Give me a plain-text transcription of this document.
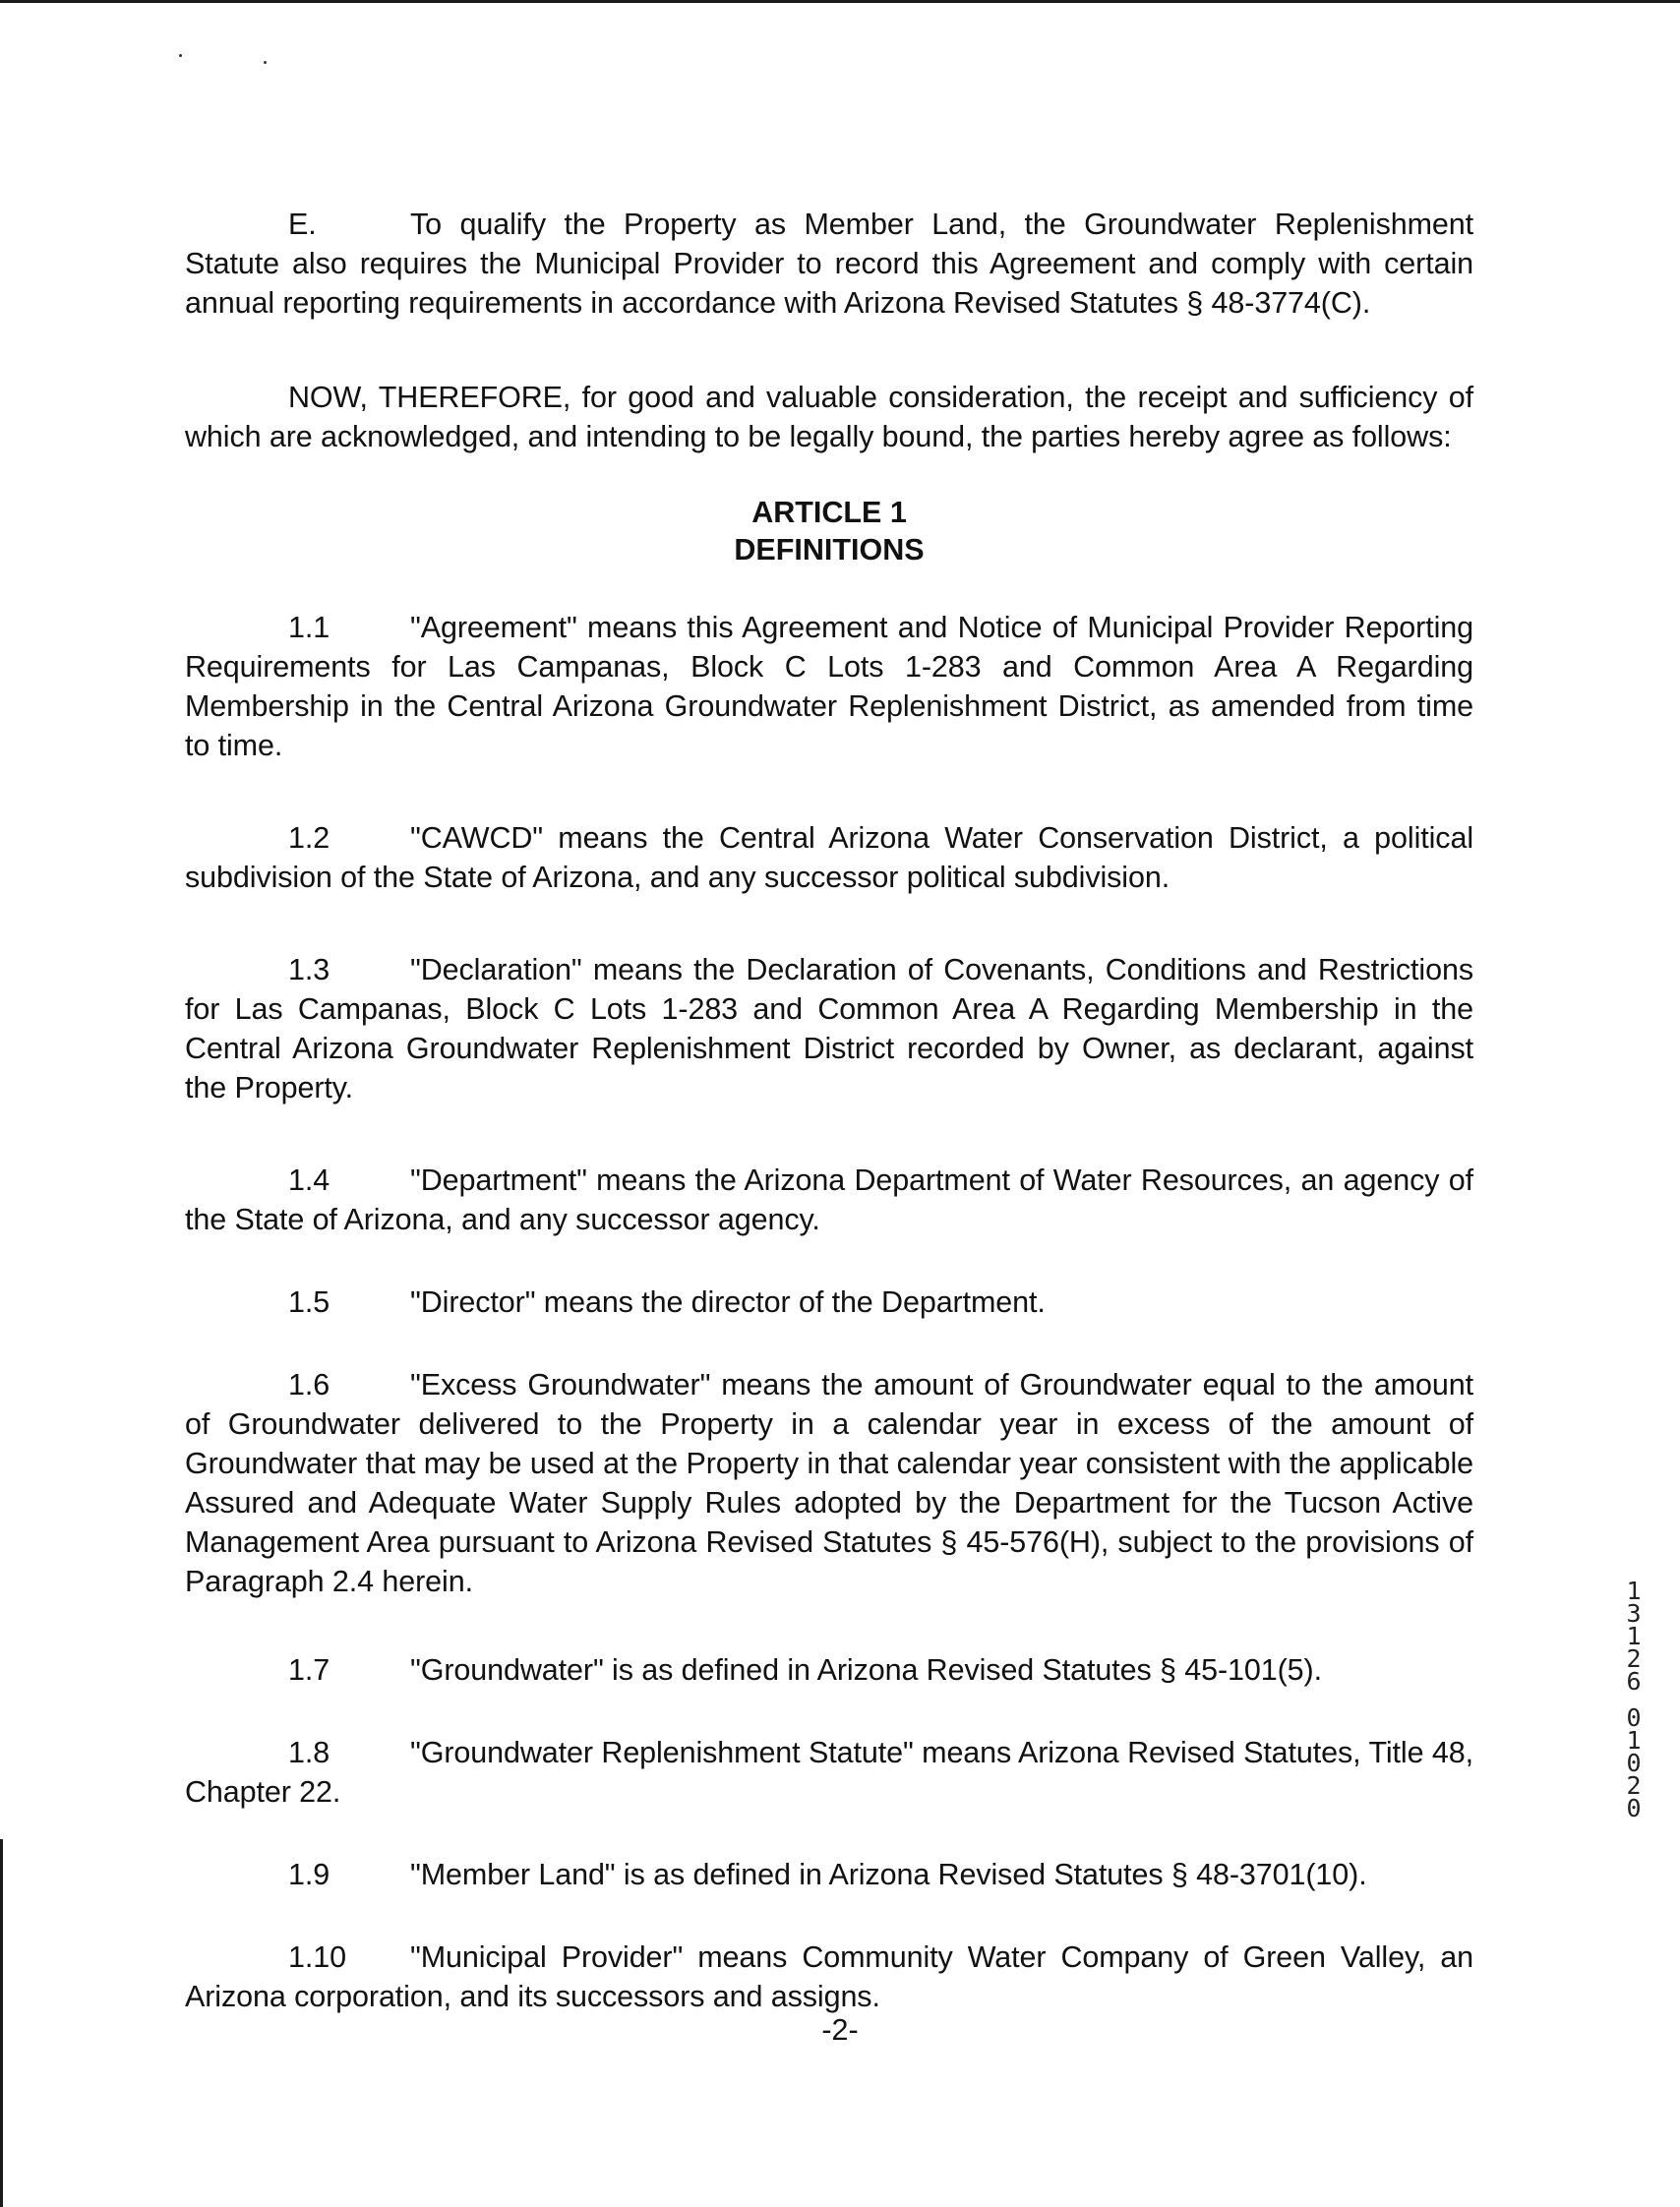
E.	To qualify the Property as Member Land, the Groundwater Replenishment Statute also requires the Municipal Provider to record this Agreement and comply with certain annual reporting requirements in accordance with Arizona Revised Statutes § 48-3774(C).

NOW, THEREFORE, for good and valuable consideration, the receipt and sufficiency of which are acknowledged, and intending to be legally bound, the parties hereby agree as follows:

ARTICLE 1

DEFINITIONS

1.1	"Agreement" means this Agreement and Notice of Municipal Provider Reporting Requirements for Las Campanas, Block C Lots 1-283 and Common Area A Regarding Membership in the Central Arizona Groundwater Replenishment District, as amended from time to time.

1.2	"CAWCD" means the Central Arizona Water Conservation District, a political subdivision of the State of Arizona, and any successor political subdivision.

1.3	"Declaration" means the Declaration of Covenants, Conditions and Restrictions for Las Campanas, Block C Lots 1-283 and Common Area A Regarding Membership in the Central Arizona Groundwater Replenishment District recorded by Owner, as declarant, against the Property.

1.4	"Department" means the Arizona Department of Water Resources, an agency of the State of Arizona, and any successor agency.

1.5	"Director" means the director of the Department.

1.6	"Excess Groundwater" means the amount of Groundwater equal to the amount of Groundwater delivered to the Property in a calendar year in excess of the amount of Groundwater that may be used at the Property in that calendar year consistent with the applicable Assured and Adequate Water Supply Rules adopted by the Department for the Tucson Active Management Area pursuant to Arizona Revised Statutes § 45-576(H), subject to the provisions of Paragraph 2.4 herein.

1.7	"Groundwater" is as defined in Arizona Revised Statutes § 45-101(5).

1.8	"Groundwater Replenishment Statute" means Arizona Revised Statutes, Title 48, Chapter 22.

1.9	"Member Land" is as defined in Arizona Revised Statutes § 48-3701(10).

1.10 "Municipal Provider" means Community Water Company of Green Valley, an Arizona corporation, and its successors and assigns.

-2-
1
3
1
2
6
0
1
0
2
0
